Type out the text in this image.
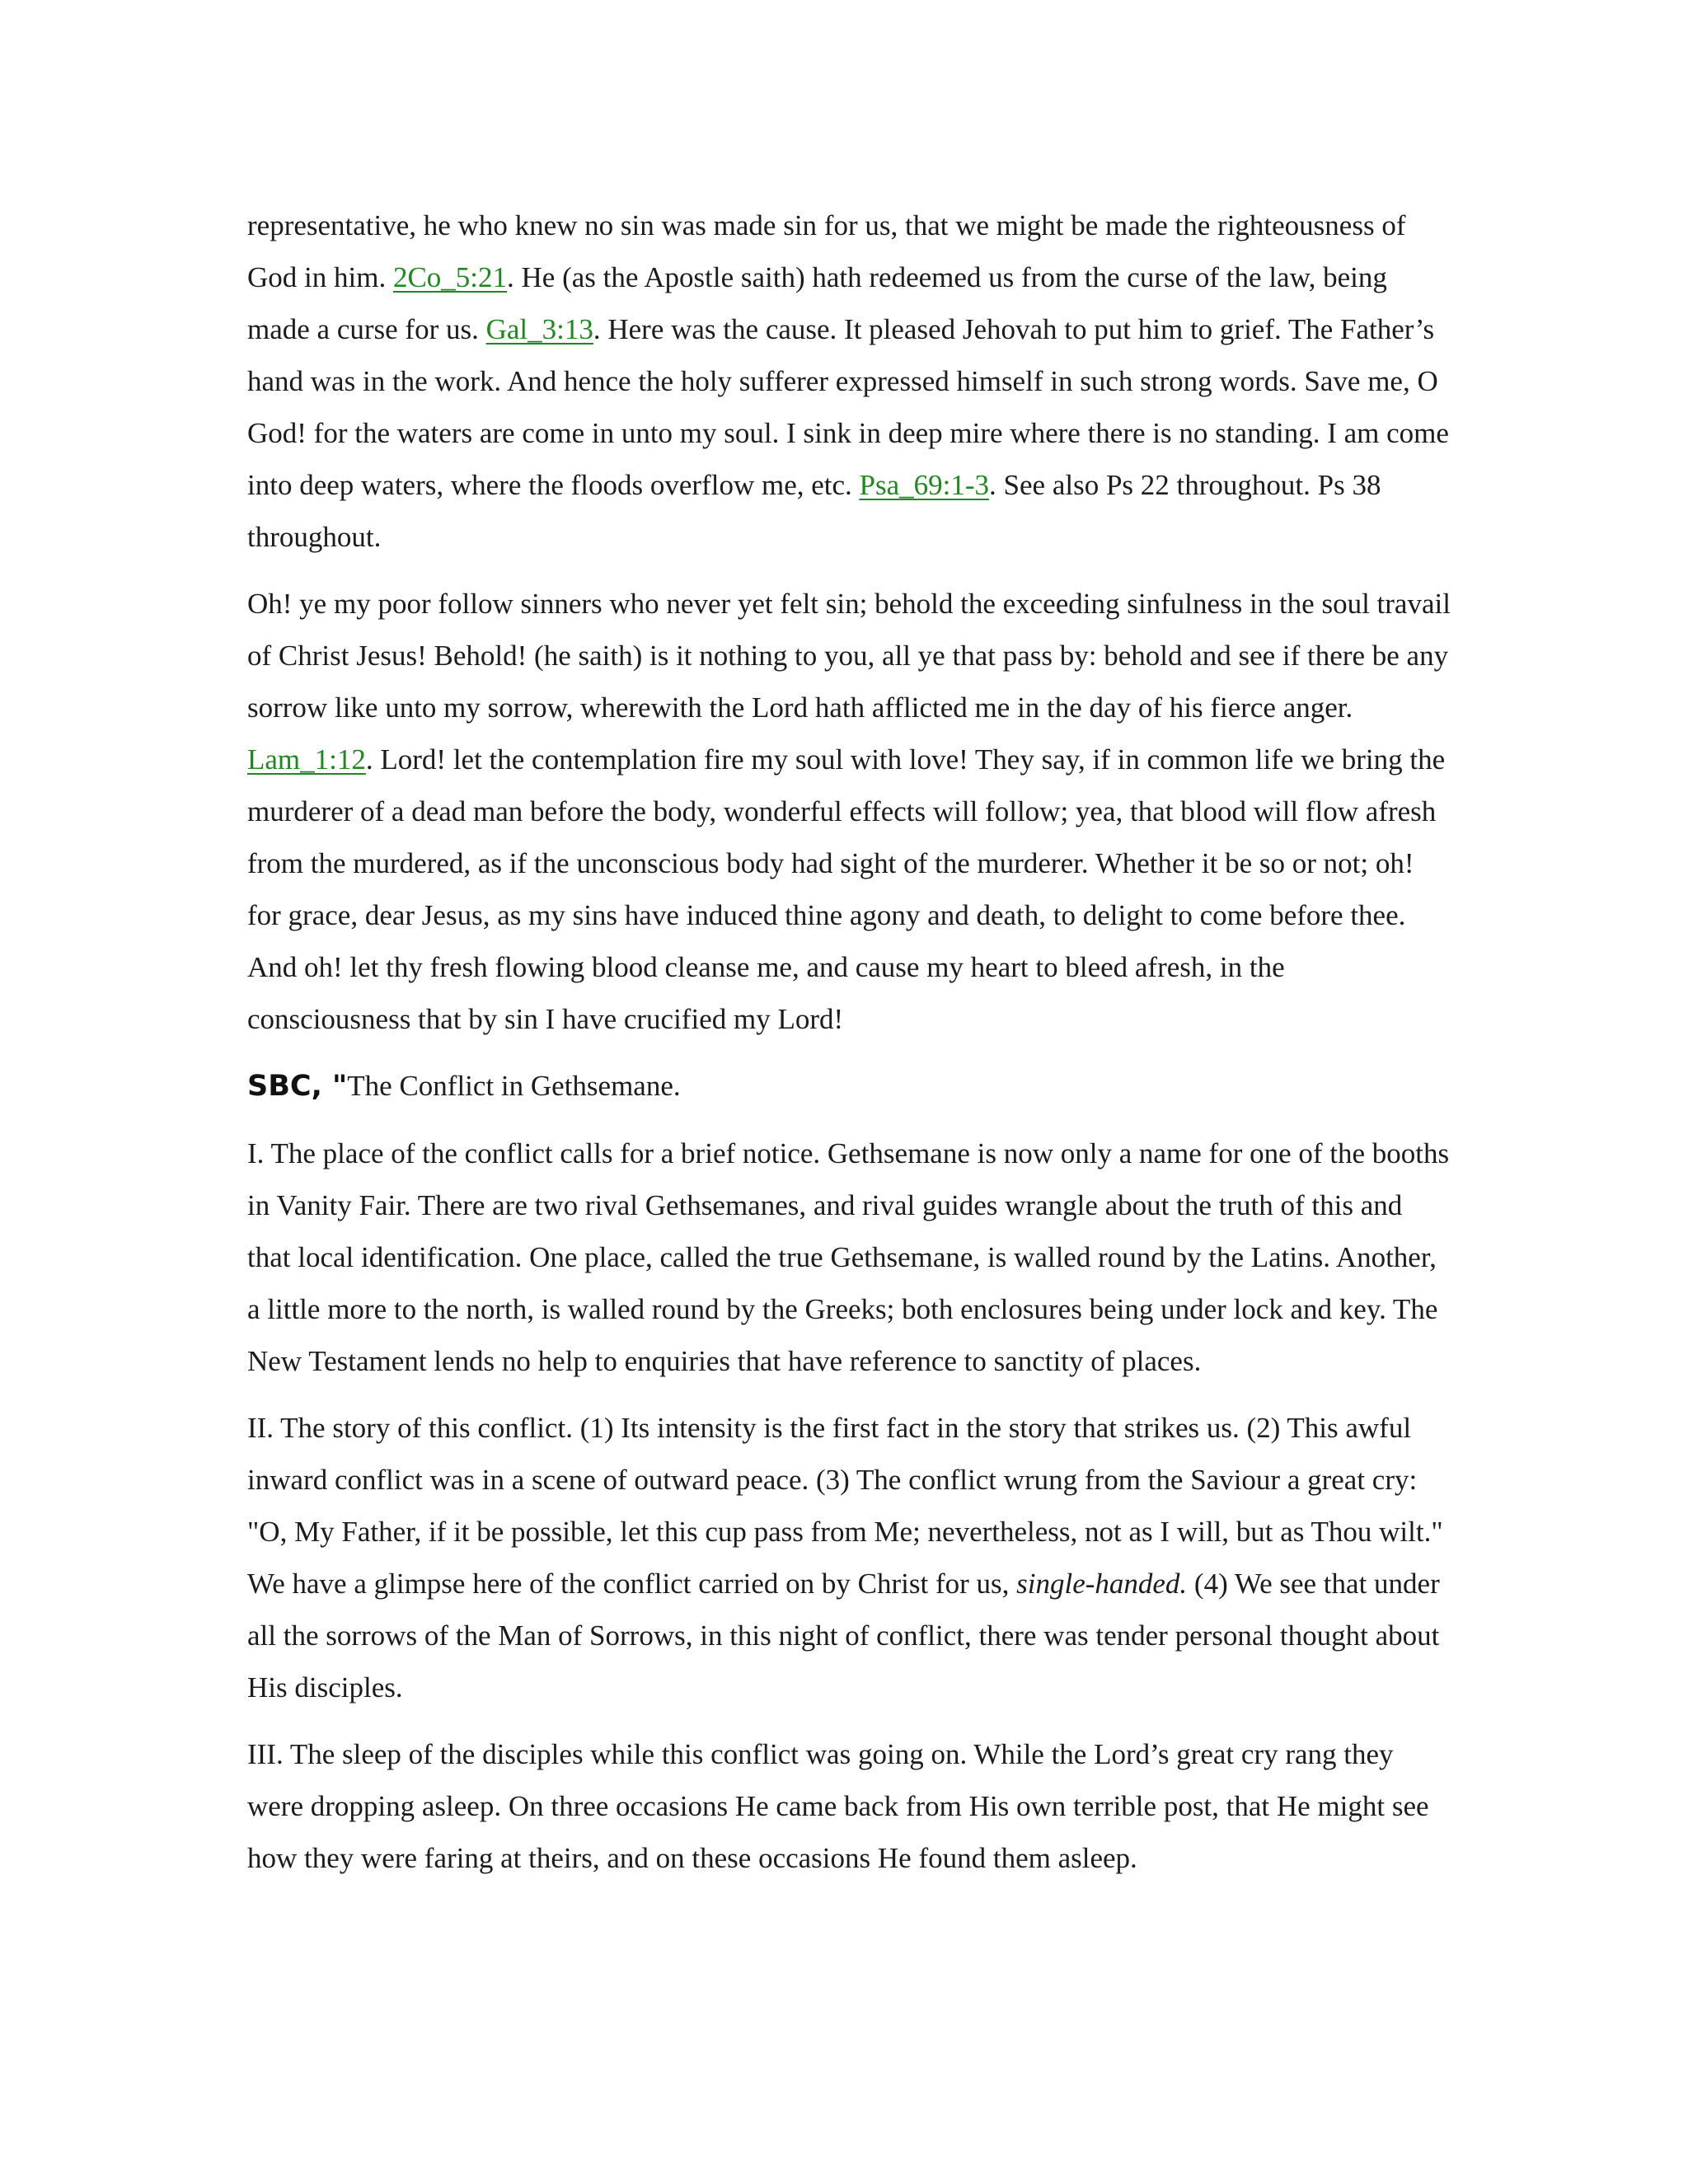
representative, he who knew no sin was made sin for us, that we might be made the righteousness of God in him. 2Co_5:21. He (as the Apostle saith) hath redeemed us from the curse of the law, being made a curse for us. Gal_3:13. Here was the cause. It pleased Jehovah to put him to grief. The Father’s hand was in the work. And hence the holy sufferer expressed himself in such strong words. Save me, O God! for the waters are come in unto my soul. I sink in deep mire where there is no standing. I am come into deep waters, where the floods overflow me, etc. Psa_69:1-3. See also Ps 22 throughout. Ps 38 throughout.

Oh! ye my poor follow sinners who never yet felt sin; behold the exceeding sinfulness in the soul travail of Christ Jesus! Behold! (he saith) is it nothing to you, all ye that pass by: behold and see if there be any sorrow like unto my sorrow, wherewith the Lord hath afflicted me in the day of his fierce anger. Lam_1:12. Lord! let the contemplation fire my soul with love! They say, if in common life we bring the murderer of a dead man before the body, wonderful effects will follow; yea, that blood will flow afresh from the murdered, as if the unconscious body had sight of the murderer. Whether it be so or not; oh! for grace, dear Jesus, as my sins have induced thine agony and death, to delight to come before thee. And oh! let thy fresh flowing blood cleanse me, and cause my heart to bleed afresh, in the consciousness that by sin I have crucified my Lord!

SBC, "The Conflict in Gethsemane.

I. The place of the conflict calls for a brief notice. Gethsemane is now only a name for one of the booths in Vanity Fair. There are two rival Gethsemanes, and rival guides wrangle about the truth of this and that local identification. One place, called the true Gethsemane, is walled round by the Latins. Another, a little more to the north, is walled round by the Greeks; both enclosures being under lock and key. The New Testament lends no help to enquiries that have reference to sanctity of places.

II. The story of this conflict. (1) Its intensity is the first fact in the story that strikes us. (2) This awful inward conflict was in a scene of outward peace. (3) The conflict wrung from the Saviour a great cry: "O, My Father, if it be possible, let this cup pass from Me; nevertheless, not as I will, but as Thou wilt." We have a glimpse here of the conflict carried on by Christ for us, single-handed. (4) We see that under all the sorrows of the Man of Sorrows, in this night of conflict, there was tender personal thought about His disciples.

III. The sleep of the disciples while this conflict was going on. While the Lord’s great cry rang they were dropping asleep. On three occasions He came back from His own terrible post, that He might see how they were faring at theirs, and on these occasions He found them asleep.
